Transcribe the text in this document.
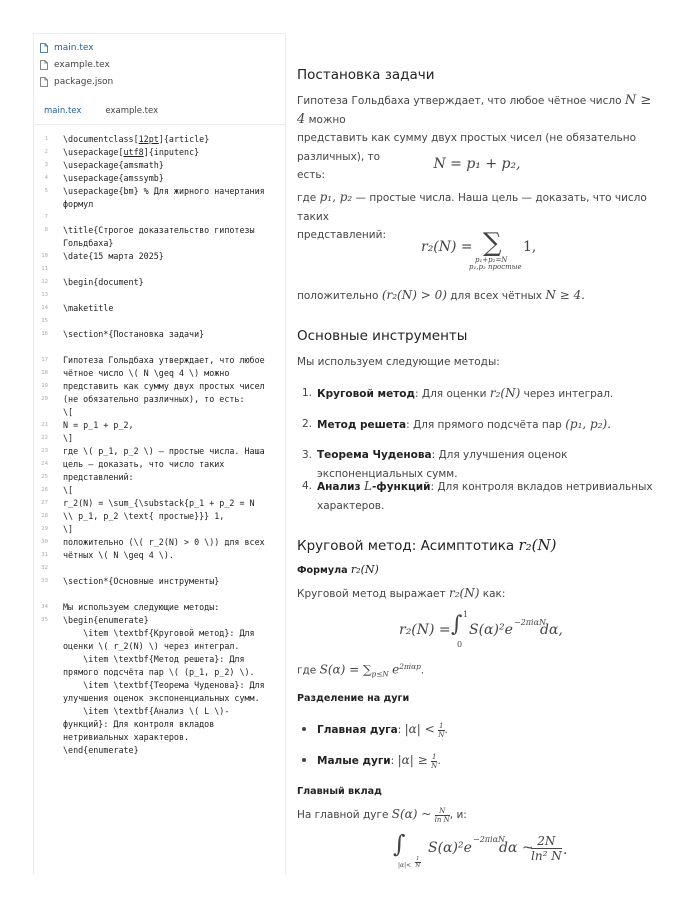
main.tex
example.tex
package.json
main.tex	example.tex
1 \documentclass[12pt]{article}
2 \usepackage[utf8]{inputenc}
3 \usepackage{amsmath}
4 \usepackage{amssymb}
5 \usepackage{bm} % Для жирного начертания
формул
7
8 \title{Строгое доказательство гипотезы
Гольдбаха}
10 \date{15 марта 2025}
11
12 \begin{document}
13
14 \maketitle
15
16 \section*{Постановка задачи}
17 Гипотеза Гольдбаха утверждает, что любое
18 чётное число \( N \geq 4 \) можно
19 представить как сумму двух простых чисел
20 (не обязательно различных), то есть:
\[
21 N = p_1 + p_2,
22 \]
23 где \( p_1, p_2 \) — простые числа. Наша
24 цель — доказать, что число таких
25 представлений:
26 \[
27 r_2(N) = \sum_{\substack{p_1 + p_2 = N
28 \\ p_1, p_2 \text{ простые}}} 1,
29 \]
30 положительно (\( r_2(N) > 0 \)) для всех
31 чётных \( N \geq 4 \).
32
33 \section*{Основные инструменты}
34 Мы используем следующие методы:
35 \begin{enumerate}
\item \textbf{Круговой метод}: Для
оценки \( r_2(N) \) через интеграл.
\item \textbf{Метод решета}: Для
прямого подсчёта пар \( (p_1, p_2) \).
\item \textbf{Теорема Чуденова}: Для
улучшения оценок экспоненциальных сумм.
\item \textbf{Анализ \( L \)-
функций}: Для контроля вкладов
нетривиальных характеров.
\end{enumerate}
Постановка задачи
Гипотеза Гольдбаха утверждает, что любое чётное число N ≥ 4 можно
представить как сумму двух простых чисел (не обязательно различных), то
есть:
N = p₁ + p₂,
где p₁, p₂ — простые числа. Наша цель — доказать, что число таких
представлений:
r₂(N) = ∑
p₁+p₂=N
p₁,p₂ простые
1,
положительно (r₂(N) > 0) для всех чётных N ≥ 4.
Основные инструменты
Мы используем следующие методы:
1. Круговой метод: Для оценки r₂(N) через интеграл.
2. Метод решета: Для прямого подсчёта пар (p₁, p₂).
3. Теорема Чуденова: Для улучшения оценок экспоненциальных сумм.
4. Анализ L-функций: Для контроля вкладов нетривиальных
характеров.
Круговой метод: Асимптотика r₂(N)
Формула r₂(N)
Круговой метод выражает r₂(N) как:
r₂(N) = ∫ 1
0
S(α)²e −2πiαN
dα,
где $S(\alpha) = \sum_{p\le N}$ $e^{2\pi i\alpha p}$.
Разделение на дуги
Главная дуга: $|\alpha| < \frac{1}{N}$ .
Малые дуги: $|\alpha| \ge \frac{1}{N}$ .
Главный вклад
На главной дуге S(α) ~ $\frac{N}{\text{ln N}}$ , и:
∫
$|\alpha|< \frac{1}{N}$
S(α)²e
−2πiαN
dα ~
$\frac{2N}{\text{ln² N}}$ .
